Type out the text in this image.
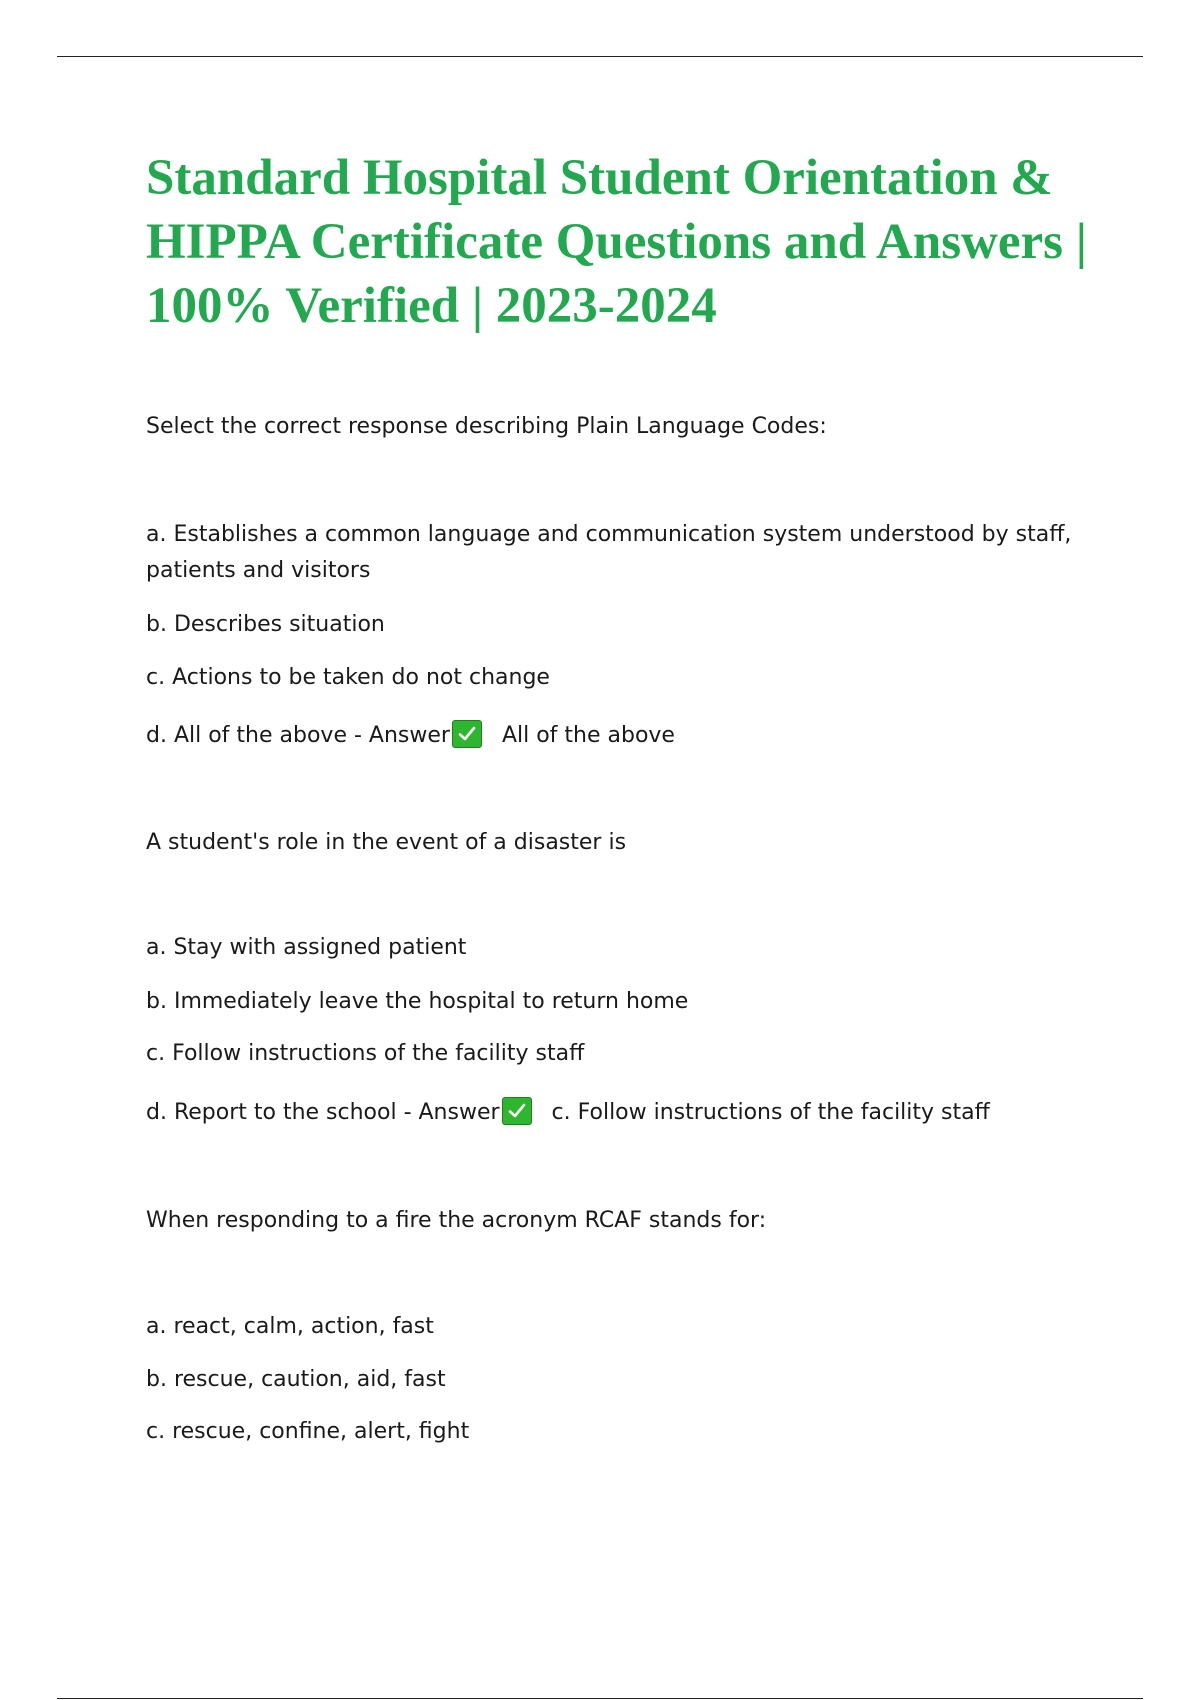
Standard Hospital Student Orientation & HIPPA Certificate Questions and Answers | 100% Verified | 2023-2024
Select the correct response describing Plain Language Codes:
a. Establishes a common language and communication system understood by staff, patients and visitors
b. Describes situation
c. Actions to be taken do not change
d. All of the above - Answer All of the above
A student's role in the event of a disaster is
a. Stay with assigned patient
b. Immediately leave the hospital to return home
c. Follow instructions of the facility staff
d. Report to the school - Answer c. Follow instructions of the facility staff
When responding to a fire the acronym RCAF stands for:
a. react, calm, action, fast
b. rescue, caution, aid, fast
c. rescue, confine, alert, fight
